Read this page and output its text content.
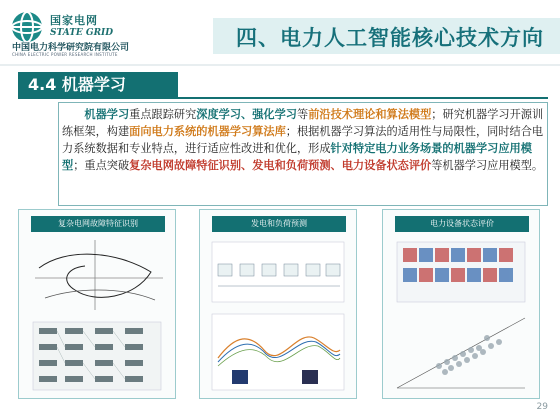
国家电网
STATE GRID
中国电力科学研究院有限公司
CHINA ELECTRIC POWER RESEARCH INSTITUTE
四、电力人工智能核心技术方向
4.4 机器学习
机器学习重点跟踪研究深度学习、强化学习等前沿技术理论和算法模型；研究机器学习开源训练框架，构建面向电力系统的机器学习算法库；根据机器学习算法的适用性与局限性，同时结合电力系统数据和专业特点，进行适应性改进和优化，形成针对特定电力业务场景的机器学习应用模型；重点突破复杂电网故障特征识别、发电和负荷预测、电力设备状态评价等机器学习应用模型。
复杂电网故障特征识别	发电和负荷预测	电力设备状态评价
29
